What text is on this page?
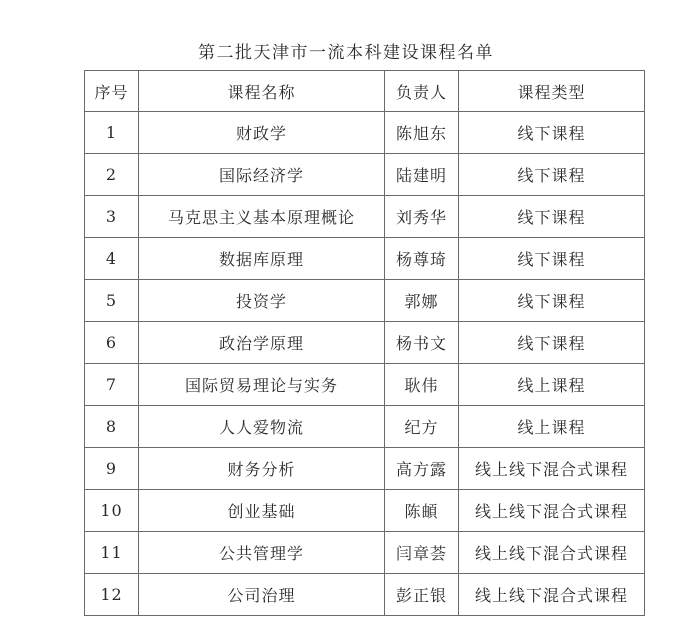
第二批天津市一流本科建设课程名单
序号	课程名称	负责人	课程类型
1	财政学	陈旭东	线下课程
2	国际经济学	陆建明	线下课程
3	马克思主义基本原理概论	刘秀华	线下课程
4	数据库原理	杨尊琦	线下课程
5	投资学	郭娜	线下课程
6	政治学原理	杨书文	线下课程
7	国际贸易理论与实务	耿伟	线上课程
8	人人爱物流	纪方	线上课程
9	财务分析	高方露	线上线下混合式课程
10	创业基础	陈頔	线上线下混合式课程
11	公共管理学	闫章荟	线上线下混合式课程
12	公司治理	彭正银	线上线下混合式课程
